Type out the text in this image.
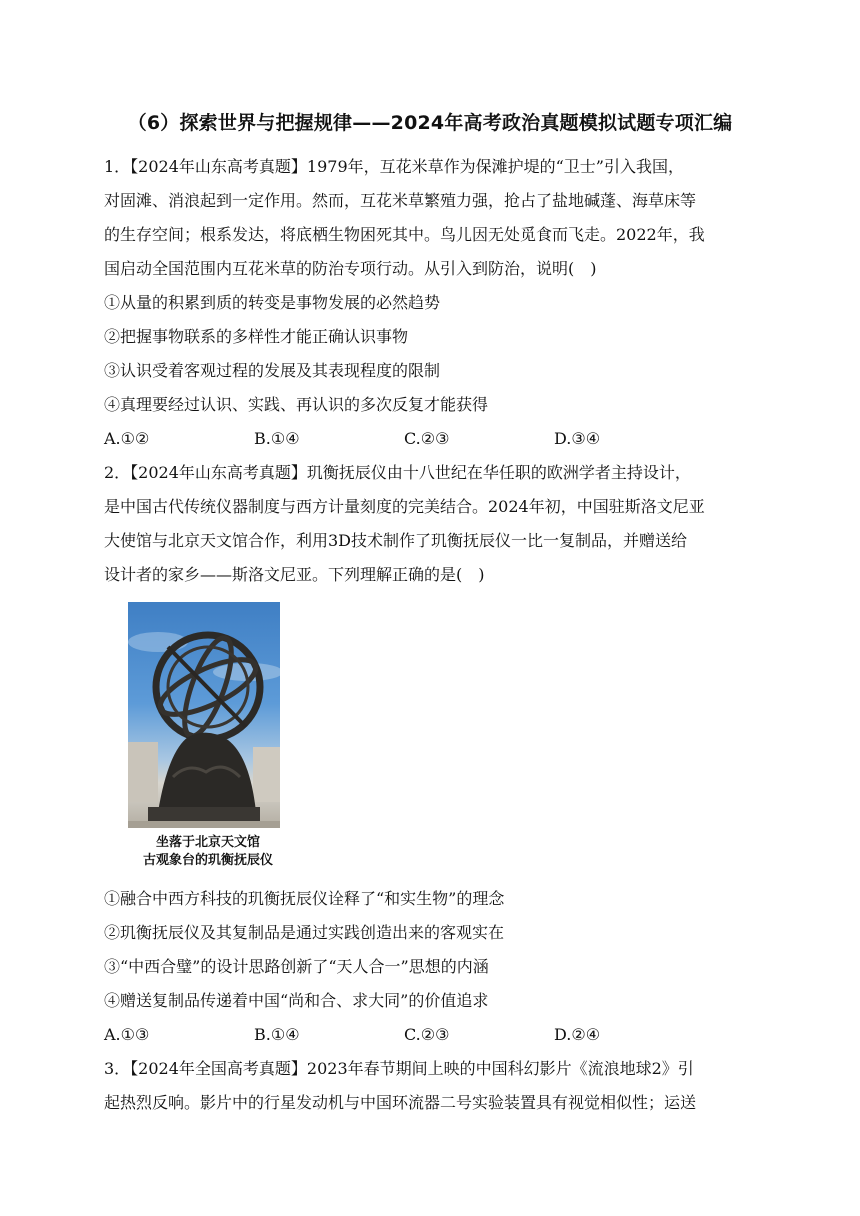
（6）探索世界与把握规律——2024年高考政治真题模拟试题专项汇编
1．【2024年山东高考真题】1979年，互花米草作为保滩护堤的“卫士”引入我国，
对固滩、消浪起到一定作用。然而，互花米草繁殖力强，抢占了盐地碱蓬、海草床等
的生存空间；根系发达，将底栖生物困死其中。鸟儿因无处觅食而飞走。2022年，我
国启动全国范围内互花米草的防治专项行动。从引入到防治，说明(　)
①从量的积累到质的转变是事物发展的必然趋势
②把握事物联系的多样性才能正确认识事物
③认识受着客观过程的发展及其表现程度的限制
④真理要经过认识、实践、再认识的多次反复才能获得
A.①②	B.①④	C.②③	D.③④
2．【2024年山东高考真题】玑衡抚辰仪由十八世纪在华任职的欧洲学者主持设计，
是中国古代传统仪器制度与西方计量刻度的完美结合。2024年初，中国驻斯洛文尼亚
大使馆与北京天文馆合作，利用3D技术制作了玑衡抚辰仪一比一复制品，并赠送给
设计者的家乡——斯洛文尼亚。下列理解正确的是(　)
坐落于北京天文馆
古观象台的玑衡抚辰仪
①融合中西方科技的玑衡抚辰仪诠释了“和实生物”的理念
②玑衡抚辰仪及其复制品是通过实践创造出来的客观实在
③“中西合璧”的设计思路创新了“天人合一”思想的内涵
④赠送复制品传递着中国“尚和合、求大同”的价值追求
A.①③	B.①④	C.②③	D.②④
3．【2024年全国高考真题】2023年春节期间上映的中国科幻影片《流浪地球2》引
起热烈反响。影片中的行星发动机与中国环流器二号实验装置具有视觉相似性；运送
